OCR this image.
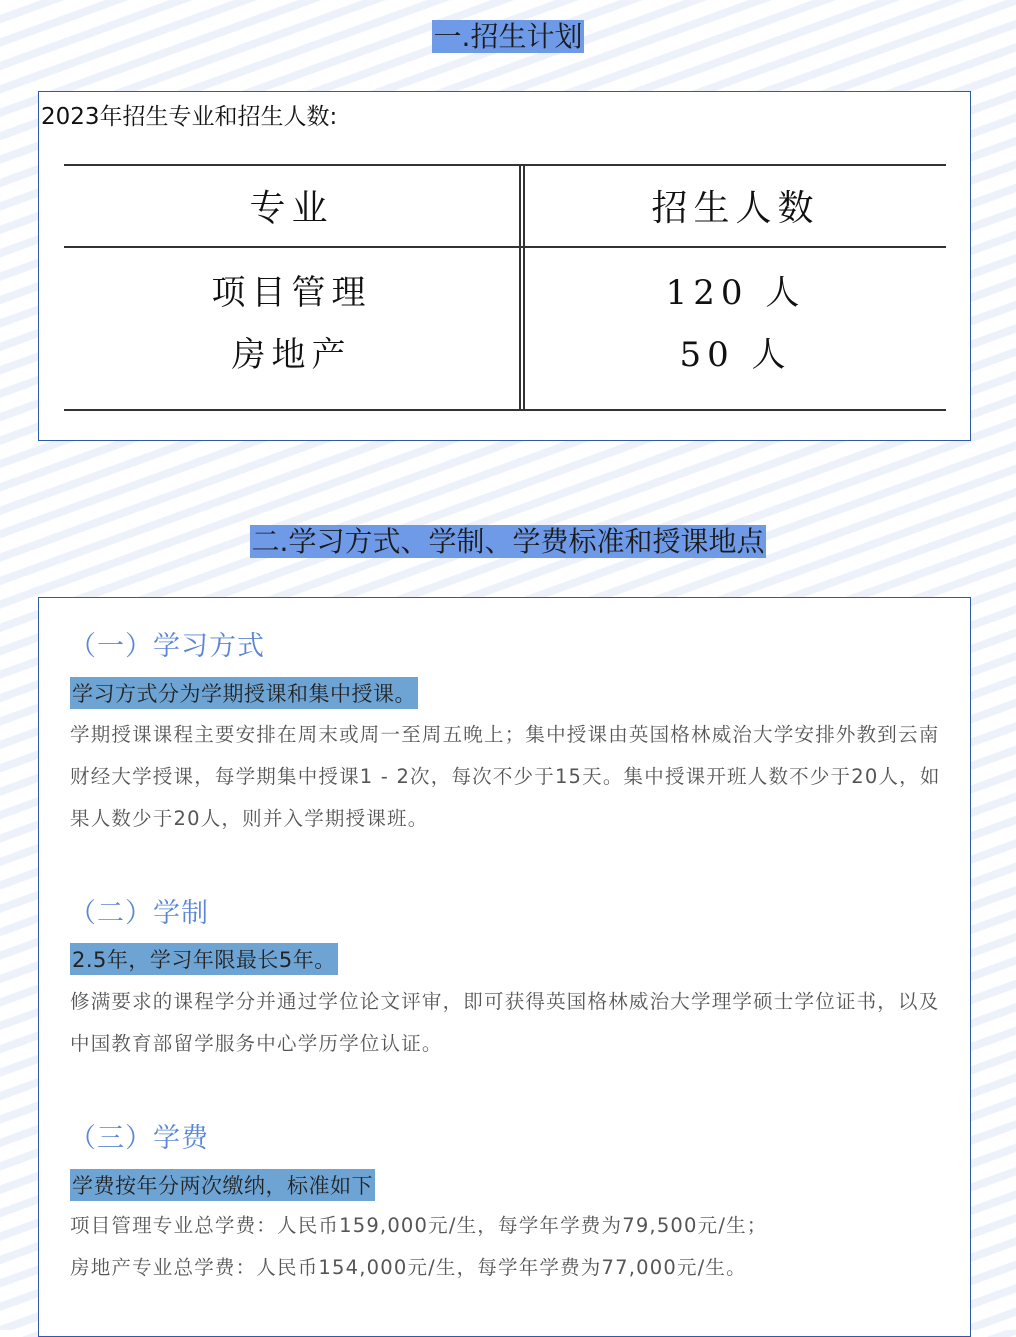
一.招生计划
2023年招生专业和招生人数:
专业	招生人数
项目管理	120 人
房地产	50 人
二.学习方式、学制、学费标准和授课地点
（一）学习方式
学习方式分为学期授课和集中授课。
学期授课课程主要安排在周末或周一至周五晚上；集中授课由英国格林威治大学安排外教到云南财经大学授课，每学期集中授课1 - 2次，每次不少于15天。集中授课开班人数不少于20人，如果人数少于20人，则并入学期授课班。
（二）学制
2.5年，学习年限最长5年。
修满要求的课程学分并通过学位论文评审，即可获得英国格林威治大学理学硕士学位证书，以及中国教育部留学服务中心学历学位认证。
（三）学费
学费按年分两次缴纳，标准如下
项目管理专业总学费：人民币159,000元/生，每学年学费为79,500元/生；
房地产专业总学费：人民币154,000元/生，每学年学费为77,000元/生。
